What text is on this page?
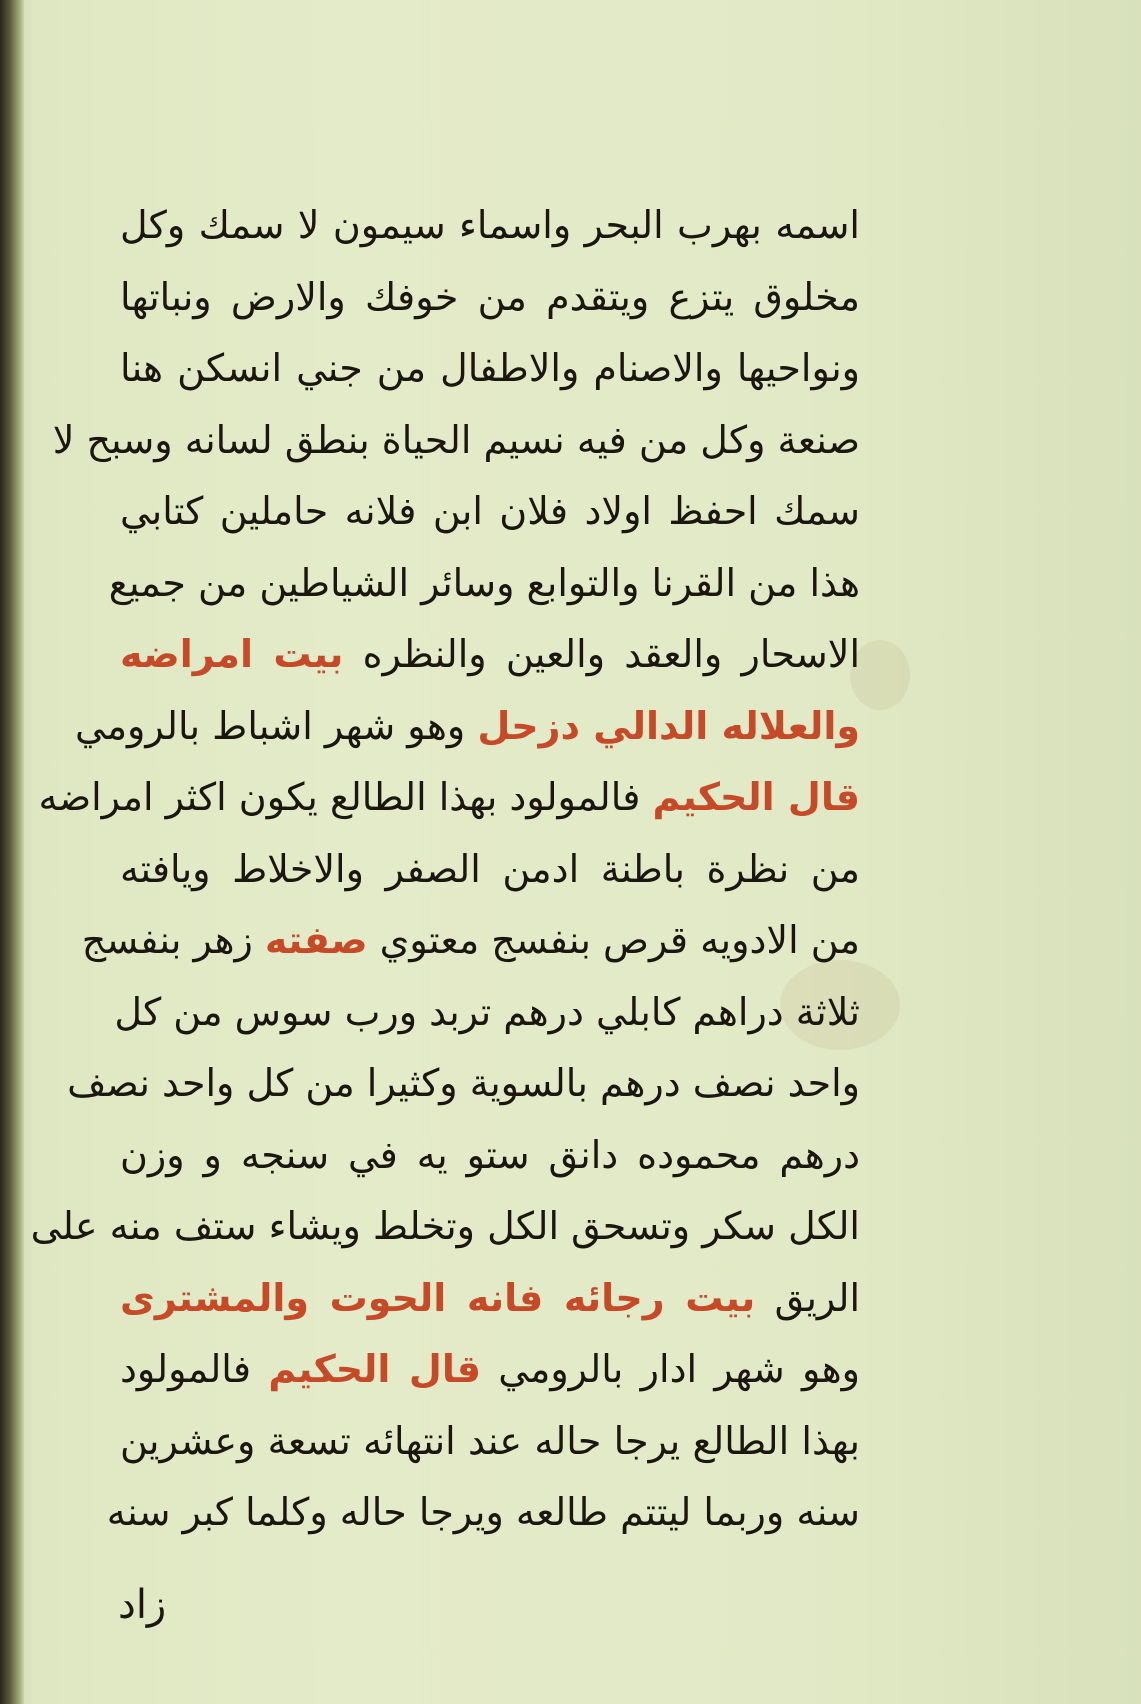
اسمه بهرب البحر واسماء سيمون لا سمك وكل
مخلوق يتزع ويتقدم من خوفك والارض ونباتها
ونواحيها والاصنام والاطفال من جني انسكن هنا
صنعة وكل من فيه نسيم الحياة بنطق لسانه وسبح لا
سمك احفظ اولاد فلان ابن فلانه حاملين كتابي
هذا من القرنا والتوابع وسائر الشياطين من جميع
الاسحار والعقد والعين والنظره بيت امراضه
والعلاله الدالي دزحل وهو شهر اشباط بالرومي
قال الحكيم فالمولود بهذا الطالع يكون اكثر امراضه
من نظرة باطنة ادمن الصفر والاخلاط ويافته
من الادويه قرص بنفسج معتوي صفته زهر بنفسج
ثلاثة دراهم كابلي درهم تربد ورب سوس من كل
واحد نصف درهم بالسوية وكثيرا من كل واحد نصف
درهم محموده دانق ستو يه في سنجه و وزن
الكل سكر وتسحق الكل وتخلط ويشاء ستف منه على
الريق بيت رجائه فانه الحوت والمشترى
وهو شهر ادار بالرومي قال الحكيم فالمولود
بهذا الطالع يرجا حاله عند انتهائه تسعة وعشرين
سنه وربما ليتتم طالعه ويرجا حاله وكلما كبر سنه
زاد
